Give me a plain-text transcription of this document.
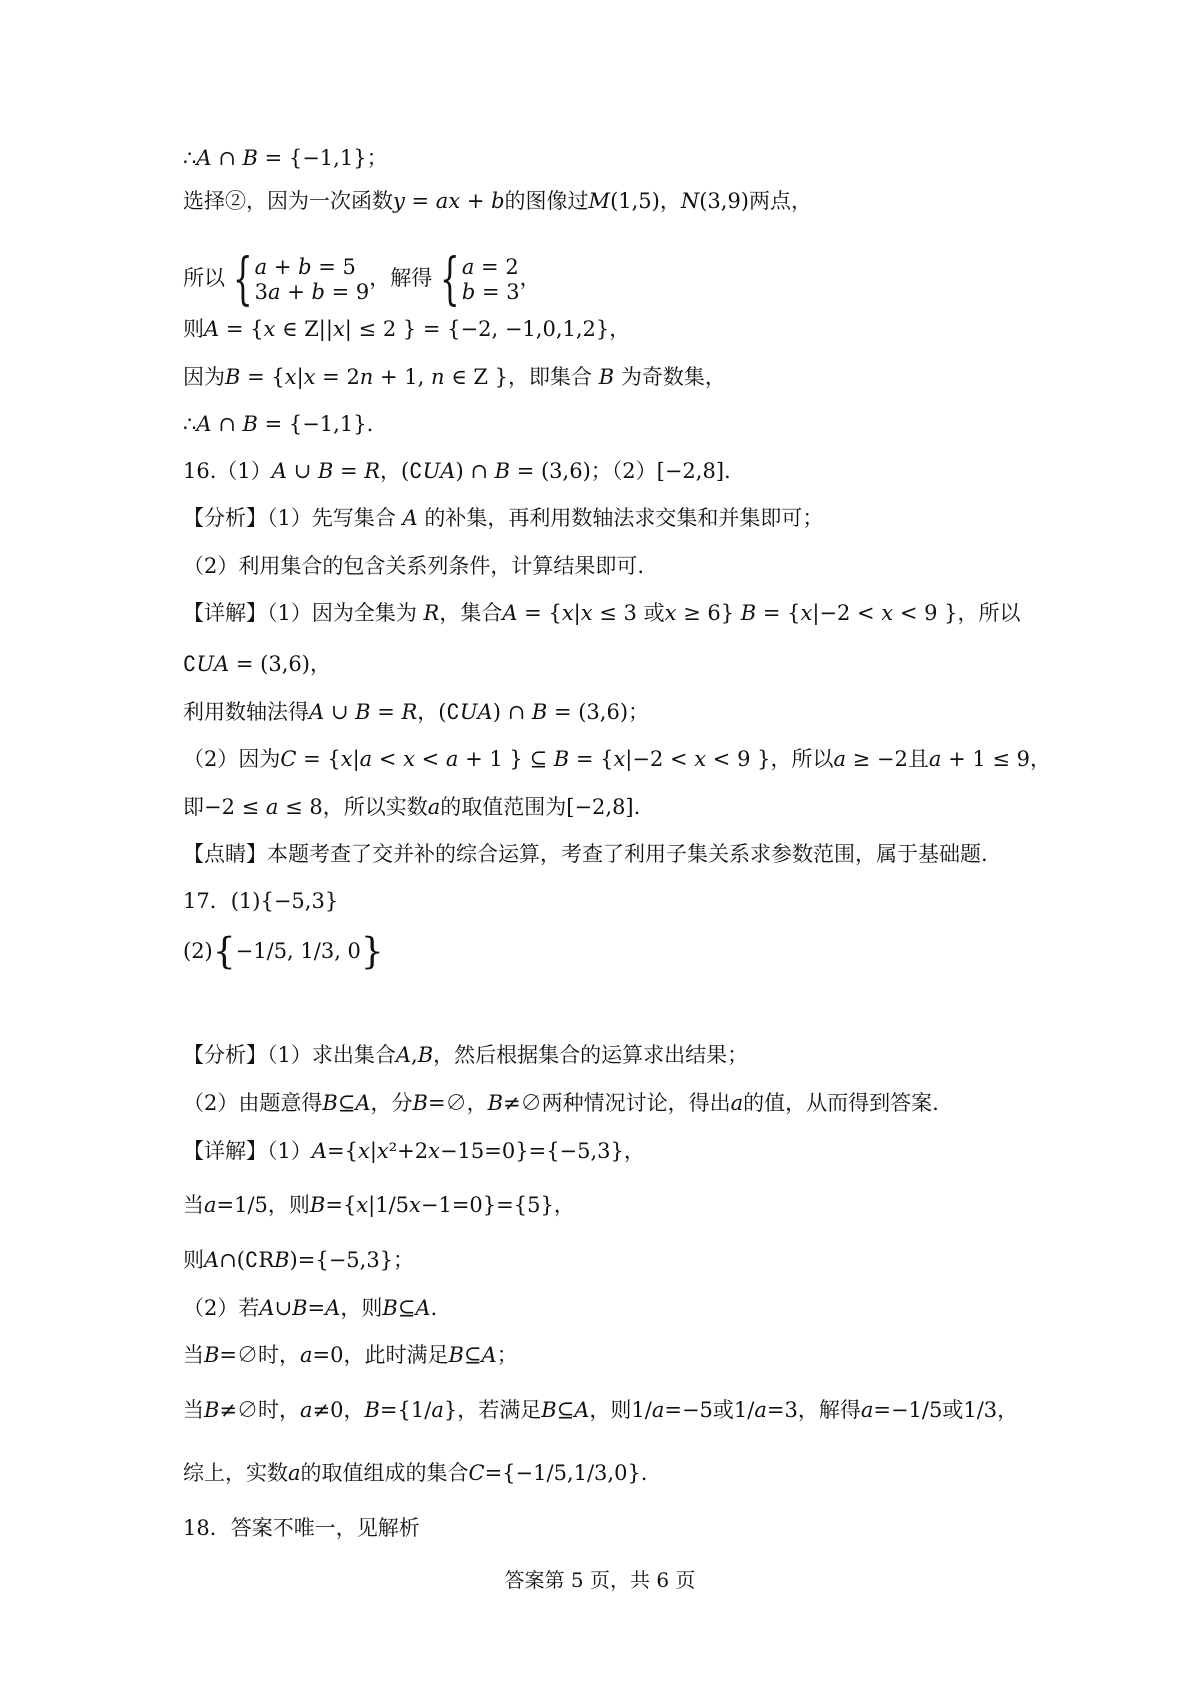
∴𝐴 ∩ 𝐵 = {−1,1}；
选择②，因为一次函数𝑦 = 𝑎𝑥 + 𝑏的图像过𝑀(1,5)，𝑁(3,9)两点，
所以 { 𝑎 + 𝑏 = 5
3𝑎 + 𝑏 = 9
，解得 { 𝑎 = 2
𝑏 = 3
，
则𝐴 = {𝑥 ∈ Z||𝑥| ≤ 2 } = {−2, −1,0,1,2}，
因为𝐵 = {𝑥|𝑥 = 2𝑛 + 1, 𝑛 ∈ Z }，即集合 𝐵 为奇数集，
∴𝐴 ∩ 𝐵 = {−1,1}.
16.（1）𝐴 ∪ 𝐵 = 𝑅，(∁𝑈𝐴) ∩ 𝐵 = (3,6)；（2）[−2,8].
【分析】（1）先写集合 𝐴 的补集，再利用数轴法求交集和并集即可；
（2）利用集合的包含关系列条件，计算结果即可.
【详解】（1）因为全集为 𝑅，集合𝐴 = {𝑥|𝑥 ≤ 3 或𝑥 ≥ 6} 𝐵 = {𝑥|−2 < 𝑥 < 9 }，所以
∁𝑈𝐴 = (3,6)，
利用数轴法得𝐴 ∪ 𝐵 = 𝑅，(∁𝑈𝐴) ∩ 𝐵 = (3,6)；
（2）因为𝐶 = {𝑥|𝑎 < 𝑥 < 𝑎 + 1 } ⊆ 𝐵 = {𝑥|−2 < 𝑥 < 9 }，所以𝑎 ≥ −2且𝑎 + 1 ≤ 9，
即−2 ≤ 𝑎 ≤ 8，所以实数𝑎的取值范围为[−2,8].
【点睛】本题考查了交并补的综合运算，考查了利用子集关系求参数范围，属于基础题.
17．(1){−5,3}
(2){−1/5, 1/3, 0}
【分析】（1）求出集合𝐴,𝐵，然后根据集合的运算求出结果；
（2）由题意得𝐵⊆𝐴，分𝐵=∅，𝐵≠∅两种情况讨论，得出𝑎的值，从而得到答案.
【详解】（1）𝐴={𝑥|𝑥²+2𝑥−15=0}={−5,3}，
当𝑎=1/5，则𝐵={𝑥|1/5𝑥−1=0}={5}，
则𝐴∩(∁R𝐵)={−5,3}；
（2）若𝐴∪𝐵=𝐴，则𝐵⊆𝐴.
当𝐵=∅时，𝑎=0，此时满足𝐵⊆𝐴；
当𝐵≠∅时，𝑎≠0，𝐵={1/𝑎}，若满足𝐵⊆𝐴，则1/𝑎=−5或1/𝑎=3，解得𝑎=−1/5或1/3，
综上，实数𝑎的取值组成的集合𝐶={−1/5,1/3,0}.
18．答案不唯一，见解析
答案第 5 页，共 6 页
